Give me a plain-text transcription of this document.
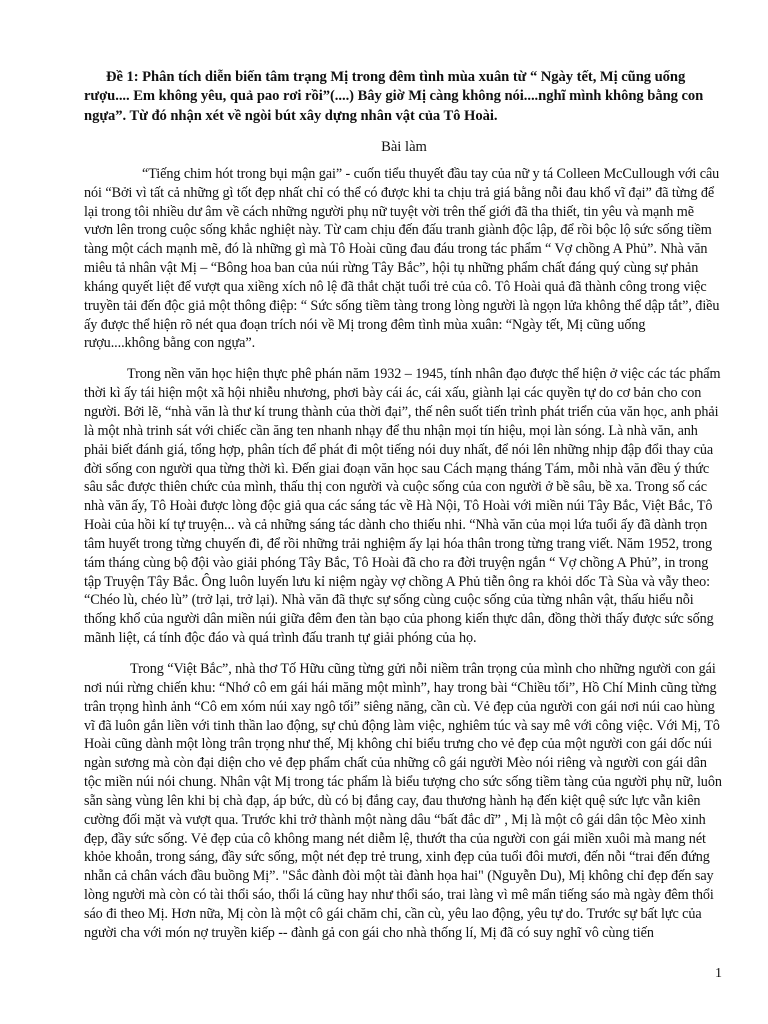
Đề 1: Phân tích diễn biến tâm trạng Mị trong đêm tình mùa xuân từ “ Ngày tết, Mị cũng uống rượu.... Em không yêu, quả pao rơi rồi”(....) Bây giờ Mị càng không nói....nghĩ mình không bằng con ngựa”. Từ đó nhận xét về ngòi bút xây dựng nhân vật của Tô Hoài.

Bài làm

“Tiếng chim hót trong bụi mận gai” - cuốn tiểu thuyết đầu tay của nữ y tá Colleen McCullough với câu nói “Bởi vì tất cả những gì tốt đẹp nhất chỉ có thể có được khi ta chịu trả giá bằng nỗi đau khổ vĩ đại” đã từng để lại trong tôi nhiều dư âm về cách những người phụ nữ tuyệt vời trên thế giới đã tha thiết, tin yêu và mạnh mẽ vươn lên trong cuộc sống khắc nghiệt này. Từ cam chịu đến đấu tranh giành độc lập, để rồi bộc lộ sức sống tiềm tàng một cách mạnh mẽ, đó là những gì mà Tô Hoài cũng đau đáu trong tác phẩm “ Vợ chồng A Phủ”. Nhà văn miêu tả nhân vật Mị – “Bông hoa ban của núi rừng Tây Bắc”, hội tụ những phẩm chất đáng quý cùng sự phản kháng quyết liệt để vượt qua xiềng xích nô lệ đã thắt chặt tuổi trẻ của cô. Tô Hoài quả đã thành công trong việc truyền tải đến độc giả một thông điệp: “ Sức sống tiềm tàng trong lòng người là ngọn lửa không thể dập tắt”, điều ấy được thể hiện rõ nét qua đoạn trích nói về Mị trong đêm tình mùa xuân: “Ngày tết, Mị cũng uống rượu....không bằng con ngựa”.

Trong nền văn học hiện thực phê phán năm 1932 – 1945, tính nhân đạo được thể hiện ở việc các tác phẩm thời kì ấy tái hiện một xã hội nhiễu nhương, phơi bày cái ác, cái xấu, giành lại các quyền tự do cơ bản cho con người. Bởi lẽ, “nhà văn là thư kí trung thành của thời đại”, thế nên suốt tiến trình phát triển của văn học, anh phải là một nhà trinh sát với chiếc cần ăng ten nhanh nhạy để thu nhận mọi tín hiệu, mọi làn sóng. Là nhà văn, anh phải biết đánh giá, tổng hợp, phân tích để phát đi một tiếng nói duy nhất, để nói lên những nhịp đập đổi thay của đời sống con người qua từng thời kì. Đến giai đoạn văn học sau Cách mạng tháng Tám, mỗi nhà văn đều ý thức sâu sắc được thiên chức của mình, thấu thị con người và cuộc sống của con người ở bề sâu, bề xa. Trong số các nhà văn ấy, Tô Hoài được lòng độc giả qua các sáng tác về Hà Nội, Tô Hoài với miền núi Tây Bắc, Việt Bắc, Tô Hoài của hồi kí tự truyện... và cả những sáng tác dành cho thiếu nhi. “Nhà văn của mọi lứa tuổi ấy đã dành trọn tâm huyết trong từng chuyến đi, để rồi những trải nghiệm ấy lại hóa thân trong từng trang viết. Năm 1952, trong tám tháng cùng bộ đội vào giải phóng Tây Bắc, Tô Hoài đã cho ra đời truyện ngắn “ Vợ chồng A Phủ”, in trong tập Truyện Tây Bắc. Ông luôn luyến lưu kỉ niệm ngày vợ chồng A Phủ tiễn ông ra khỏi dốc Tà Sùa và vẫy theo: “Chéo lù, chéo lù” (trở lại, trở lại). Nhà văn đã thực sự sống cùng cuộc sống của từng nhân vật, thấu hiểu nỗi thống khổ của người dân miền núi giữa đêm đen tàn bạo của phong kiến thực dân, đồng thời thấy được sức sống mãnh liệt, cá tính độc đáo và quá trình đấu tranh tự giải phóng của họ.

Trong “Việt Bắc”, nhà thơ Tố Hữu cũng từng gửi nỗi niềm trân trọng của mình cho những người con gái nơi núi rừng chiến khu: “Nhớ cô em gái hái măng một mình”, hay trong bài “Chiều tối”, Hồ Chí Minh cũng từng trân trọng hình ảnh “Cô em xóm núi xay ngô tối” siêng năng, cần cù. Vẻ đẹp của người con gái nơi núi cao hùng vĩ đã luôn gắn liền với tinh thần lao động, sự chủ động làm việc, nghiêm túc và say mê với công việc. Với Mị, Tô Hoài cũng dành một lòng trân trọng như thế, Mị không chỉ biểu trưng cho vẻ đẹp của một người con gái dốc núi ngàn sương mà còn đại diện cho vẻ đẹp phẩm chất của những cô gái người Mèo nói riêng và người con gái dân tộc miền núi nói chung. Nhân vật Mị trong tác phẩm là biểu tượng cho sức sống tiềm tàng của người phụ nữ, luôn sẵn sàng vùng lên khi bị chà đạp, áp bức, dù có bị đắng cay, đau thương hành hạ đến kiệt quệ sức lực vẫn kiên cường đối mặt và vượt qua. Trước khi trở thành một nàng dâu “bất đắc dĩ” , Mị là một cô gái dân tộc Mèo xinh đẹp, đầy sức sống. Vẻ đẹp của cô không mang nét diễm lệ, thướt tha của người con gái miền xuôi mà mang nét khỏe khoắn, trong sáng, đầy sức sống, một nét đẹp trẻ trung, xinh đẹp của tuổi đôi mươi, đến nỗi “trai đến đứng nhẵn cả chân vách đầu buồng Mị”. "Sắc đành đòi một tài đành họa hai" (Nguyễn Du), Mị không chỉ đẹp đến say lòng người mà còn có tài thổi sáo, thổi lá cũng hay như thổi sáo, trai làng vì mê mẩn tiếng sáo mà ngày đêm thổi sáo đi theo Mị. Hơn nữa, Mị còn là một cô gái chăm chỉ, cần cù, yêu lao động, yêu tự do. Trước sự bất lực của người cha với món nợ truyền kiếp -- đành gả con gái cho nhà thống lí, Mị đã có suy nghĩ vô cùng tiến

1
